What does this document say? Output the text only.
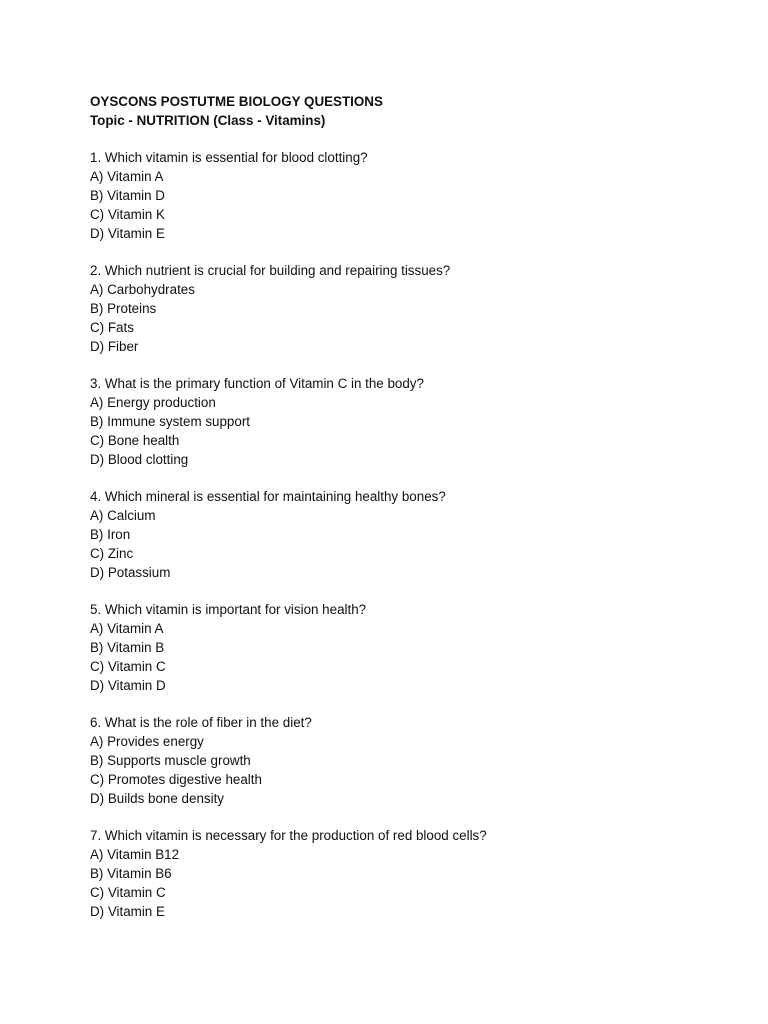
OYSCONS POSTUTME BIOLOGY QUESTIONS

Topic - NUTRITION (Class - Vitamins)

1. Which vitamin is essential for blood clotting?

A) Vitamin A

B) Vitamin D

C) Vitamin K

D) Vitamin E

2. Which nutrient is crucial for building and repairing tissues?

A) Carbohydrates

B) Proteins

C) Fats

D) Fiber

3. What is the primary function of Vitamin C in the body?

A) Energy production

B) Immune system support

C) Bone health

D) Blood clotting

4. Which mineral is essential for maintaining healthy bones?

A) Calcium

B) Iron

C) Zinc

D) Potassium

5. Which vitamin is important for vision health?

A) Vitamin A

B) Vitamin B

C) Vitamin C

D) Vitamin D

6. What is the role of fiber in the diet?

A) Provides energy

B) Supports muscle growth

C) Promotes digestive health

D) Builds bone density

7. Which vitamin is necessary for the production of red blood cells?

A) Vitamin B12

B) Vitamin B6

C) Vitamin C

D) Vitamin E
